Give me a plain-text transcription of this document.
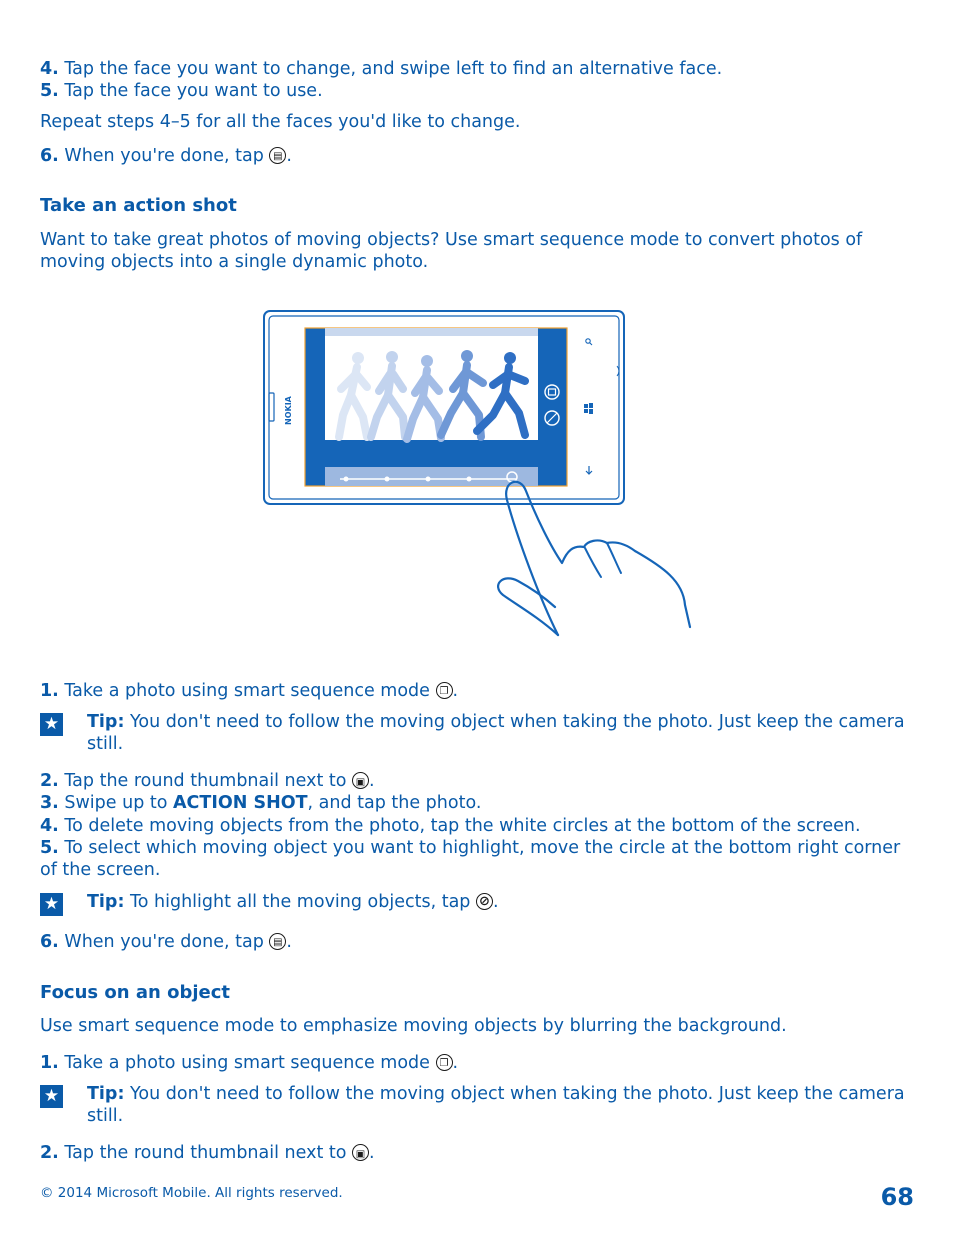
4. Tap the face you want to change, and swipe left to find an alternative face.
5. Tap the face you want to use.
Repeat steps 4–5 for all the faces you'd like to change.
6. When you're done, tap ▤.
Take an action shot
Want to take great photos of moving objects? Use smart sequence mode to convert photos of moving objects into a single dynamic photo.
NOKIA
1. Take a photo using smart sequence mode ❐.
★ Tip: You don't need to follow the moving object when taking the photo. Just keep the camera still.
2. Tap the round thumbnail next to ▣.
3. Swipe up to ACTION SHOT, and tap the photo.
4. To delete moving objects from the photo, tap the white circles at the bottom of the screen.
5. To select which moving object you want to highlight, move the circle at the bottom right corner of the screen.
★ Tip: To highlight all the moving objects, tap ⊘.
6. When you're done, tap ▤.
Focus on an object
Use smart sequence mode to emphasize moving objects by blurring the background.
1. Take a photo using smart sequence mode ❐.
★ Tip: You don't need to follow the moving object when taking the photo. Just keep the camera still.
2. Tap the round thumbnail next to ▣.
© 2014 Microsoft Mobile. All rights reserved.	68
